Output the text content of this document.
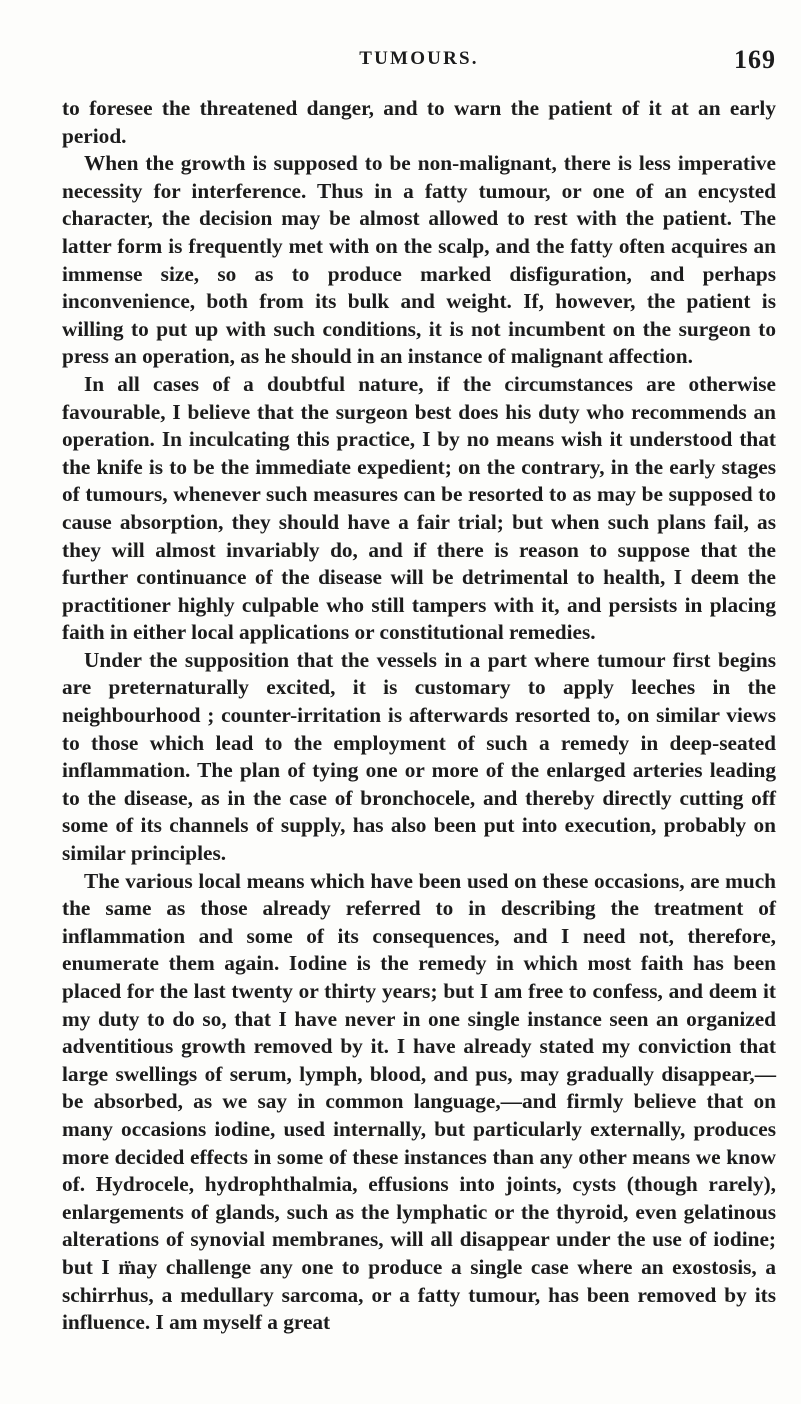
TUMOURS.	169

to foresee the threatened danger, and to warn the patient of it at an early period.

When the growth is supposed to be non-malignant, there is less imperative necessity for interference. Thus in a fatty tumour, or one of an encysted character, the decision may be almost allowed to rest with the patient. The latter form is frequently met with on the scalp, and the fatty often acquires an immense size, so as to produce marked disfiguration, and perhaps inconvenience, both from its bulk and weight. If, however, the patient is willing to put up with such conditions, it is not incumbent on the surgeon to press an operation, as he should in an instance of malignant affection.

In all cases of a doubtful nature, if the circumstances are otherwise favourable, I believe that the surgeon best does his duty who recommends an operation. In inculcating this practice, I by no means wish it understood that the knife is to be the immediate expedient; on the contrary, in the early stages of tumours, whenever such measures can be resorted to as may be supposed to cause absorption, they should have a fair trial; but when such plans fail, as they will almost invariably do, and if there is reason to suppose that the further continuance of the disease will be detrimental to health, I deem the practitioner highly culpable who still tampers with it, and persists in placing faith in either local applications or constitutional remedies.

Under the supposition that the vessels in a part where tumour first begins are preternaturally excited, it is customary to apply leeches in the neighbourhood ; counter-irritation is afterwards resorted to, on similar views to those which lead to the employment of such a remedy in deep-seated inflammation. The plan of tying one or more of the enlarged arteries leading to the disease, as in the case of bronchocele, and thereby directly cutting off some of its channels of supply, has also been put into execution, probably on similar principles.

The various local means which have been used on these occasions, are much the same as those already referred to in describing the treatment of inflammation and some of its consequences, and I need not, therefore, enumerate them again. Iodine is the remedy in which most faith has been placed for the last twenty or thirty years; but I am free to confess, and deem it my duty to do so, that I have never in one single instance seen an organized adventitious growth removed by it. I have already stated my conviction that large swellings of serum, lymph, blood, and pus, may gradually disappear,—be absorbed, as we say in common language,—and firmly believe that on many occasions iodine, used internally, but particularly externally, produces more decided effects in some of these instances than any other means we know of. Hydrocele, hydrophthalmia, effusions into joints, cysts (though rarely), enlargements of glands, such as the lymphatic or the thyroid, even gelatinous alterations of synovial membranes, will all disappear under the use of iodine; but I m̈ay challenge any one to produce a single case where an exostosis, a schirrhus, a medullary sarcoma, or a fatty tumour, has been removed by its influence. I am myself a great
